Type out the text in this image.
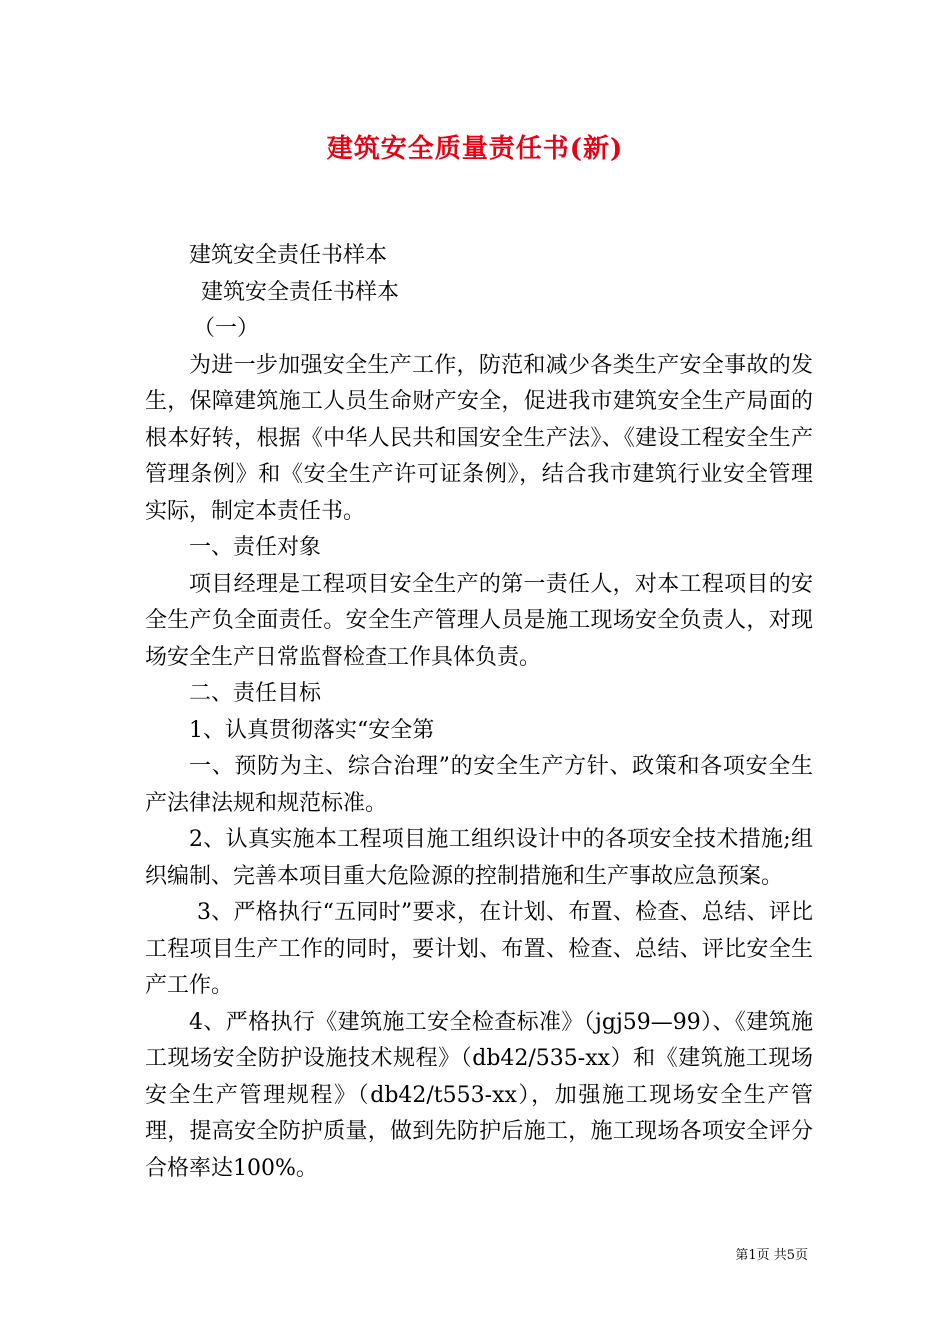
建筑安全质量责任书(新)

建筑安全责任书样本

建筑安全责任书样本

（一）

为进一步加强安全生产工作，防范和减少各类生产安全事故的发生，保障建筑施工人员生命财产安全，促进我市建筑安全生产局面的根本好转，根据《中华人民共和国安全生产法》、《建设工程安全生产管理条例》和《安全生产许可证条例》，结合我市建筑行业安全管理实际，制定本责任书。

一、责任对象

项目经理是工程项目安全生产的第一责任人，对本工程项目的安全生产负全面责任。安全生产管理人员是施工现场安全负责人，对现场安全生产日常监督检查工作具体负责。

二、责任目标

1、认真贯彻落实“安全第

一、预防为主、综合治理”的安全生产方针、政策和各项安全生产法律法规和规范标准。

2、认真实施本工程项目施工组织设计中的各项安全技术措施;组织编制、完善本项目重大危险源的控制措施和生产事故应急预案。

3、严格执行“五同时”要求，在计划、布置、检查、总结、评比工程项目生产工作的同时，要计划、布置、检查、总结、评比安全生产工作。

4、严格执行《建筑施工安全检查标准》（jgj59—99）、《建筑施工现场安全防护设施技术规程》（db42/535-xx）和《建筑施工现场安全生产管理规程》（db42/t553-xx），加强施工现场安全生产管理，提高安全防护质量，做到先防护后施工，施工现场各项安全评分合格率达100%。

第1页 共5页
